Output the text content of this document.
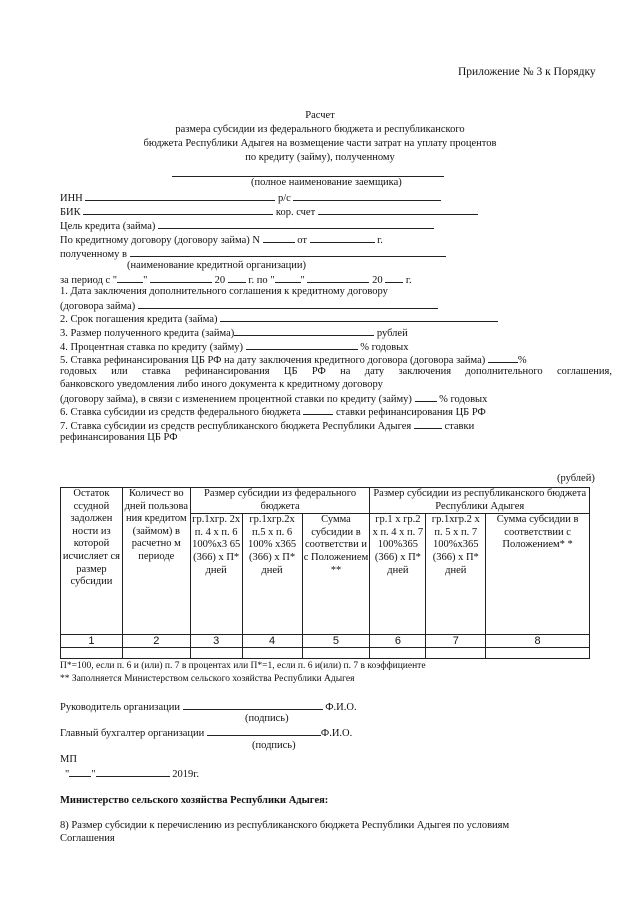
Приложение № 3 к Порядку
Расчет
размера субсидии из федерального бюджета и республиканского
бюджета Республики Адыгея на возмещение части затрат на уплату процентов
по кредиту (займу), полученному
(полное наименование заемщика)
ИНН	р/с
БИК	кор. счет
Цель кредита (займа)
По кредитному договору (договору займа) N	от	г.
полученному в
(наименование кредитной организации)
за период с " "	20 г. по " "	20 г.
1. Дата заключения дополнительного соглашения к кредитному договору
(договора займа)
2. Срок погашения кредита (займа)
3. Размер полученного кредита (займа)	рублей
4. Процентная ставка по кредиту (займу)	% годовых
5. Ставка рефинансирования ЦБ РФ на дату заключения кредитного договора (договора займа)	%
годовых или ставка рефинансирования ЦБ РФ на дату заключения дополнительного соглашения,
банковского уведомления либо иного документа к кредитному договору
(договору займа), в связи с изменением процентной ставки по кредиту (займу)	% годовых
6. Ставка субсидии из средств федерального бюджета	ставки рефинансирования ЦБ РФ
7. Ставка субсидии из средств республиканского бюджета Республики Адыгея	ставки
рефинансирования ЦБ РФ
(рублей)
Остаток ссудной задолжен ности из которой исчисляет ся размер субсидии	Количест во дней пользова ния кредитом (займом) в расчетно м периоде	Размер субсидии из федерального бюджета			Размер субсидии из республиканского бюджета Республики Адыгея		
		гр.1хгр. 2х п. 4 х п. 6 100%х3 65 (366) х П* дней	гр.1хгр.2х п.5 х п. 6 100% х365 (366) х П* дней	Сумма субсидии в соответстви и с Положением **	гр.1 х гр.2 х п. 4 х п. 7 100%365 (366) х П* дней	гр.1хгр.2 х п. 5 х п. 7 100%х365 (366) х П* дней	Сумма субсидии в соответствии с Положением* *
1	2	3	4	5	6	7	8

П*=100, если п. 6 и (или) п. 7 в процентах или П*=1, если п. 6 и(или) п. 7 в коэффициенте
** Заполняется Министерством сельского хозяйства Республики Адыгея
Руководитель организации	Ф.И.О.
(подпись)
Главный бухгалтер организации	Ф.И.О.
(подпись)
МП
" "	2019г.
Министерство сельского хозяйства Республики Адыгея:
8) Размер субсидии к перечислению из республиканского бюджета Республики Адыгея по условиям
Соглашения
